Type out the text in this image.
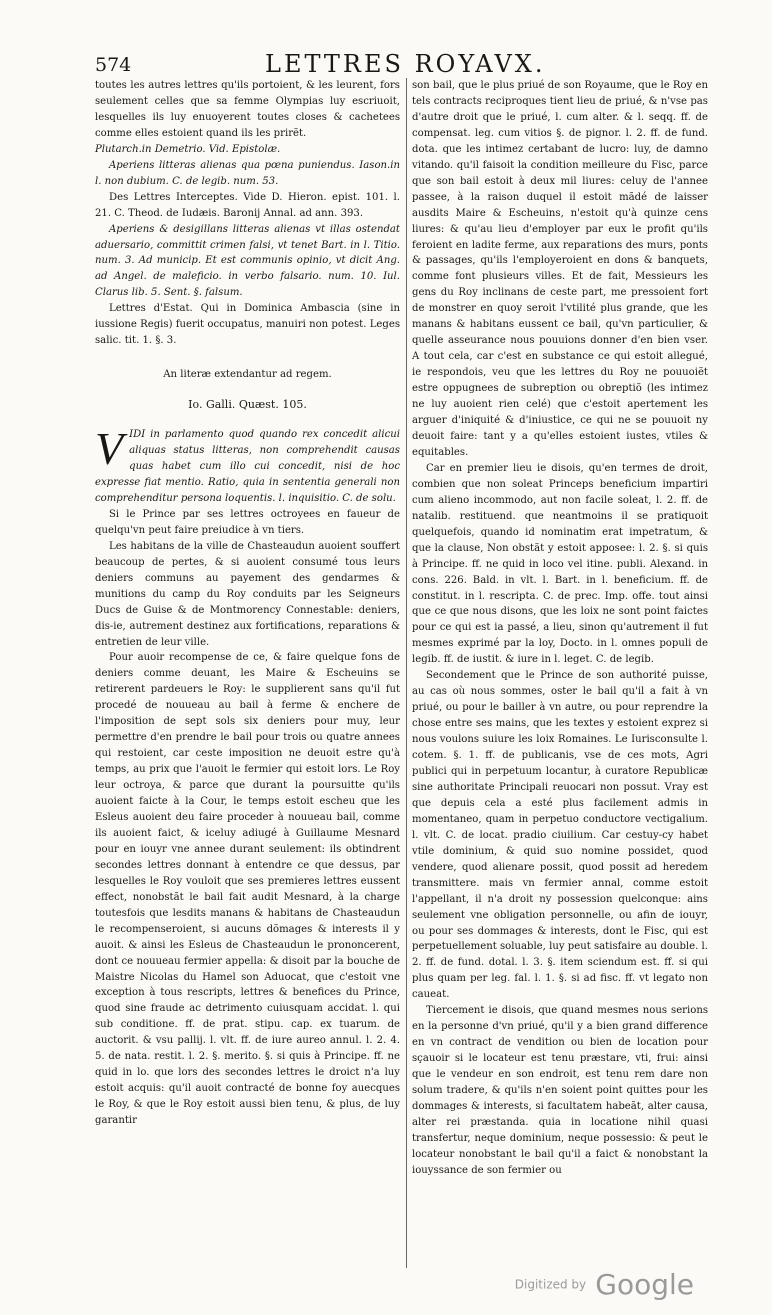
574	LETTRES ROYAVX.

toutes les autres lettres qu'ils portoient, & les leurent, fors seulement celles que sa femme Olympias luy escriuoit, lesquelles ils luy enuoyerent toutes closes & cachetees comme elles estoient quand ils les prirẽt.

Plutarch.in Demetrio. Vid. Epistolæ.

Aperiens litteras alienas qua pœna puniendus. Iason.in l. non dubium. C. de legib. num. 53.

Des Lettres Interceptes. Vide D. Hieron. epist. 101. l. 21. C. Theod. de Iudæis. Baronij Annal. ad ann. 393.

Aperiens & desigillans litteras alienas vt illas ostendat aduersario, committit crimen falsi, vt tenet Bart. in l. Titio. num. 3. Ad municip. Et est communis opinio, vt dicit Ang. ad Angel. de maleficio. in verbo falsario. num. 10. Iul. Clarus lib. 5. Sent. §. falsum.

Lettres d'Estat. Qui in Dominica Ambascia (sine in iussione Regis) fuerit occupatus, manuiri non potest. Leges salic. tit. 1. §. 3.

An literæ extendantur ad regem.

Io. Galli. Quæst. 105.

VIDI in parlamento quod quando rex concedit alicui aliquas status litteras, non comprehendit causas quas habet cum illo cui concedit, nisi de hoc expresse fiat mentio. Ratio, quia in sententia generali non comprehenditur persona loquentis. l. inquisitio. C. de solu.

Si le Prince par ses lettres octroyees en faueur de quelqu'vn peut faire preiudice à vn tiers.

Les habitans de la ville de Chasteaudun auoient souffert beaucoup de pertes, & si auoient consumé tous leurs deniers communs au payement des gendarmes & munitions du camp du Roy conduits par les Seigneurs Ducs de Guise & de Montmorency Connestable: deniers, dis-ie, autrement destinez aux fortifications, reparations & entretien de leur ville.

Pour auoir recompense de ce, & faire quelque fons de deniers comme deuant, les Maire & Escheuins se retirerent pardeuers le Roy: le supplierent sans qu'il fut procedé de nouueau au bail à ferme & enchere de l'imposition de sept sols six deniers pour muy, leur permettre d'en prendre le bail pour trois ou quatre annees qui restoient, car ceste imposition ne deuoit estre qu'à temps, au prix que l'auoit le fermier qui estoit lors. Le Roy leur octroya, & parce que durant la poursuitte qu'ils auoient faicte à la Cour, le temps estoit escheu que les Esleus auoient deu faire proceder à nouueau bail, comme ils auoient faict, & iceluy adiugé à Guillaume Mesnard pour en iouyr vne annee durant seulement: ils obtindrent secondes lettres donnant à entendre ce que dessus, par lesquelles le Roy vouloit que ses premieres lettres eussent effect, nonobstãt le bail fait audit Mesnard, à la charge toutesfois que lesdits manans & habitans de Chasteaudun le recompenseroient, si aucuns dõmages & interests il y auoit. & ainsi les Esleus de Chasteaudun le prononcerent, dont ce nouueau fermier appella: & disoit par la bouche de Maistre Nicolas du Hamel son Aduocat, que c'estoit vne exception à tous rescripts, lettres & benefices du Prince, quod sine fraude ac detrimento cuiusquam accidat. l. qui sub conditione. ff. de prat. stipu. cap. ex tuarum. de auctorit. & vsu pallij. l. vlt. ff. de iure aureo annul. l. 2. 4. 5. de nata. restit. l. 2. §. merito. §. si quis à Principe. ff. ne quid in lo. que lors des secondes lettres le droict n'a luy estoit acquis: qu'il auoit contracté de bonne foy auecques le Roy, & que le Roy estoit aussi bien tenu, & plus, de luy garantir

son bail, que le plus priué de son Royaume, que le Roy en tels contracts reciproques tient lieu de priué, & n'vse pas d'autre droit que le priué, l. cum alter. & l. seqq. ff. de compensat. leg. cum vitios §. de pignor. l. 2. ff. de fund. dota. que les intimez certabant de lucro: luy, de damno vitando. qu'il faisoit la condition meilleure du Fisc, parce que son bail estoit à deux mil liures: celuy de l'annee passee, à la raison duquel il estoit mãdé de laisser ausdits Maire & Escheuins, n'estoit qu'à quinze cens liures: & qu'au lieu d'employer par eux le profit qu'ils feroient en ladite ferme, aux reparations des murs, ponts & passages, qu'ils l'employeroient en dons & banquets, comme font plusieurs villes. Et de fait, Messieurs les gens du Roy inclinans de ceste part, me pressoient fort de monstrer en quoy seroit l'vtilité plus grande, que les manans & habitans eussent ce bail, qu'vn particulier, & quelle asseurance nous pouuions donner d'en bien vser. A tout cela, car c'est en substance ce qui estoit allegué, ie respondois, veu que les lettres du Roy ne pouuoiẽt estre oppugnees de subreption ou obreptiõ (les intimez ne luy auoient rien celé) que c'estoit apertement les arguer d'iniquité & d'iniustice, ce qui ne se pouuoit ny deuoit faire: tant y a qu'elles estoient iustes, vtiles & equitables.

Car en premier lieu ie disois, qu'en termes de droit, combien que non soleat Princeps beneficium impartiri cum alieno incommodo, aut non facile soleat, l. 2. ff. de natalib. restituend. que neantmoins il se pratiquoit quelquefois, quando id nominatim erat impetratum, & que la clause, Non obstãt y estoit apposee: l. 2. §. si quis à Principe. ff. ne quid in loco vel itine. publi. Alexand. in cons. 226. Bald. in vlt. l. Bart. in l. beneficium. ff. de constitut. in l. rescripta. C. de prec. Imp. offe. tout ainsi que ce que nous disons, que les loix ne sont point faictes pour ce qui est ia passé, a lieu, sinon qu'autrement il fut mesmes exprimé par la loy, Docto. in l. omnes populi de legib. ff. de iustit. & iure in l. leget. C. de legib.

Secondement que le Prince de son authorité puisse, au cas où nous sommes, oster le bail qu'il a fait à vn priué, ou pour le bailler à vn autre, ou pour reprendre la chose entre ses mains, que les textes y estoient exprez si nous voulons suiure les loix Romaines. Le Iurisconsulte l. cotem. §. 1. ff. de publicanis, vse de ces mots, Agri publici qui in perpetuum locantur, à curatore Republicæ sine authoritate Principali reuocari non possut. Vray est que depuis cela a esté plus facilement admis in momentaneo, quam in perpetuo conductore vectigalium. l. vlt. C. de locat. pradio ciuilium. Car cestuy-cy habet vtile dominium, & quid suo nomine possidet, quod vendere, quod alienare possit, quod possit ad heredem transmittere. mais vn fermier annal, comme estoit l'appellant, il n'a droit ny possession quelconque: ains seulement vne obligation personnelle, ou afin de iouyr, ou pour ses dommages & interests, dont le Fisc, qui est perpetuellement soluable, luy peut satisfaire au double. l. 2. ff. de fund. dotal. l. 3. §. item sciendum est. ff. si qui plus quam per leg. fal. l. 1. §. si ad fisc. ff. vt legato non caueat.

Tiercement ie disois, que quand mesmes nous serions en la personne d'vn priué, qu'il y a bien grand difference en vn contract de vendition ou bien de location pour sçauoir si le locateur est tenu præstare, vti, frui: ainsi que le vendeur en son endroit, est tenu rem dare non solum tradere, & qu'ils n'en soient point quittes pour les dommages & interests, si facultatem habeãt, alter causa, alter rei præstanda. quia in locatione nihil quasi transfertur, neque dominium, neque possessio: & peut le locateur nonobstant le bail qu'il a faict & nonobstant la iouyssance de son fermier ou

Digitized by Google
